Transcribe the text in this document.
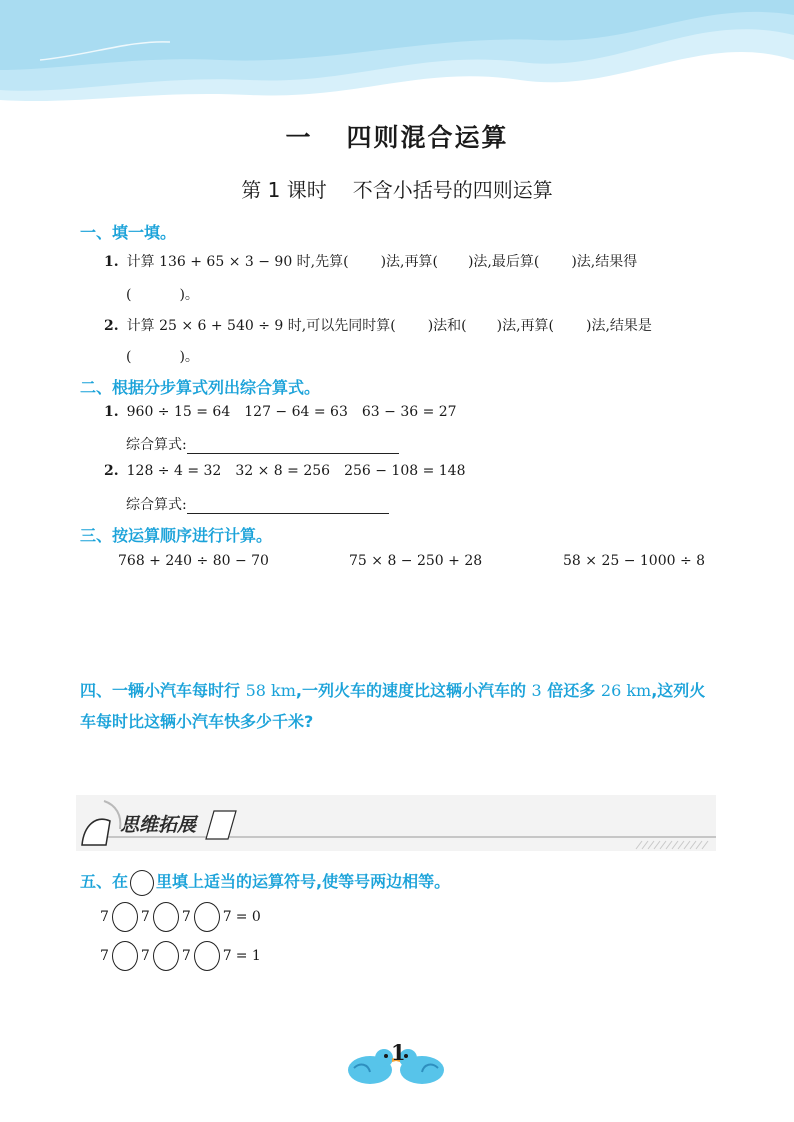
一 四则混合运算
第 1 课时 不含小括号的四则运算
一、填一填。
1. 计算 136 + 65 × 3 − 90 时,先算( )法,再算( )法,最后算( )法,结果得
(	)。
2. 计算 25 × 6 + 540 ÷ 9 时,可以先同时算( )法和( )法,再算( )法,结果是
(	)。
二、根据分步算式列出综合算式。
1. 960 ÷ 15 = 64 127 − 64 = 63 63 − 36 = 27
综合算式:
2. 128 ÷ 4 = 32 32 × 8 = 256 256 − 108 = 148
综合算式:
三、按运算顺序进行计算。
768 + 240 ÷ 80 − 70	75 × 8 − 250 + 28	58 × 25 − 1000 ÷ 8
四、一辆小汽车每时行 58 km,一列火车的速度比这辆小汽车的 3 倍还多 26 km,这列火车每时比这辆小汽车快多少千米?
思维拓展
五、在 里填上适当的运算符号,使等号两边相等。
7 7 7 7 = 0
7 7 7 7 = 1
1
